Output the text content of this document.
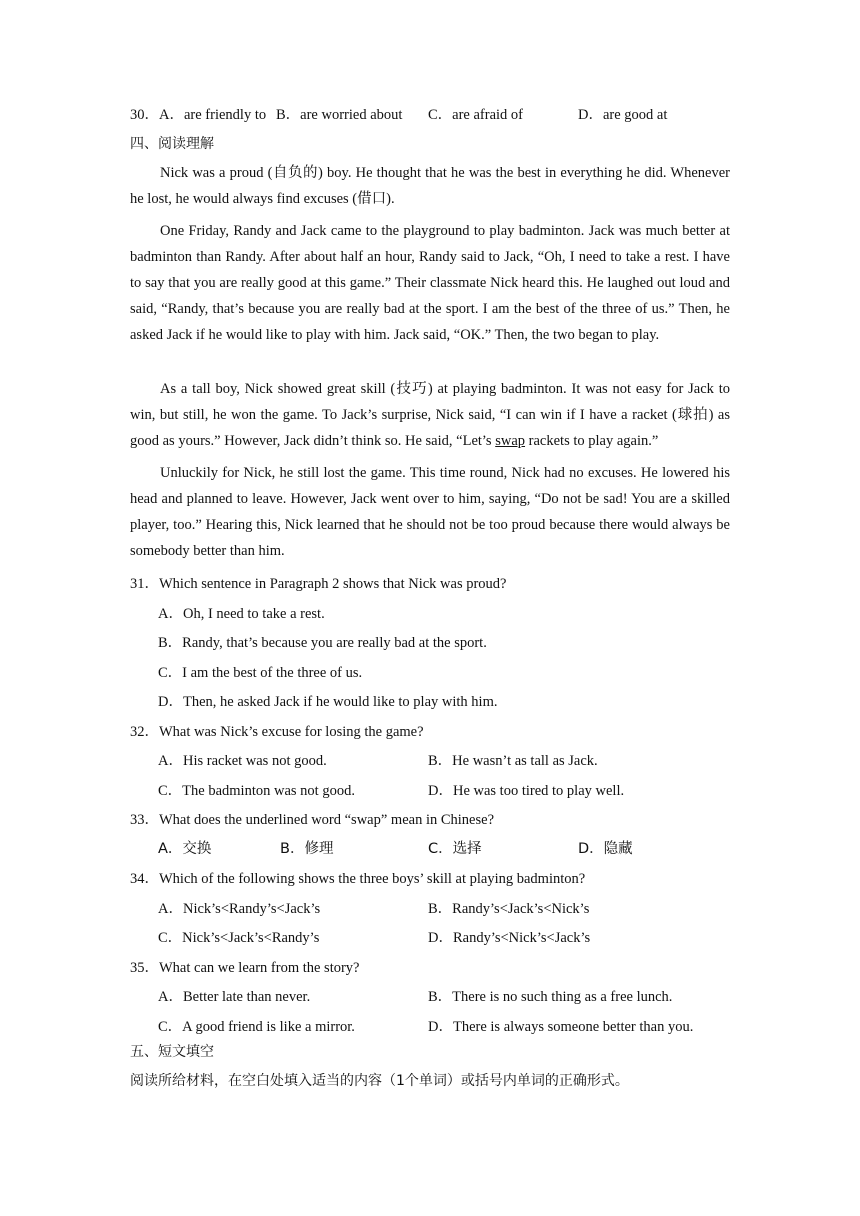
30．A．are friendly to B．are worried about C．are afraid of	D．are good at
四、阅读理解
Nick was a proud (自负的) boy. He thought that he was the best in everything he did. Whenever he lost, he would always find excuses (借口).
One Friday, Randy and Jack came to the playground to play badminton. Jack was much better at badminton than Randy. After about half an hour, Randy said to Jack, “Oh, I need to take a rest. I have to say that you are really good at this game.” Their classmate Nick heard this. He laughed out loud and said, “Randy, that’s because you are really bad at the sport. I am the best of the three of us.” Then, he asked Jack if he would like to play with him. Jack said, “OK.” Then, the two began to play.
As a tall boy, Nick showed great skill (技巧) at playing badminton. It was not easy for Jack to win, but still, he won the game. To Jack’s surprise, Nick said, “I can win if I have a racket (球拍) as good as yours.” However, Jack didn’t think so. He said, “Let’s swap rackets to play again.”
Unluckily for Nick, he still lost the game. This time round, Nick had no excuses. He lowered his head and planned to leave. However, Jack went over to him, saying, “Do not be sad! You are a skilled player, too.” Hearing this, Nick learned that he should not be too proud because there would always be somebody better than him.
31．Which sentence in Paragraph 2 shows that Nick was proud?
A．Oh, I need to take a rest.
B．Randy, that’s because you are really bad at the sport.
C．I am the best of the three of us.
D．Then, he asked Jack if he would like to play with him.
32．What was Nick’s excuse for losing the game?
A．His racket was not good.	B．He wasn’t as tall as Jack.
C．The badminton was not good.	D．He was too tired to play well.
33．What does the underlined word “swap” mean in Chinese?
A．交换	B．修理	C．选择	D．隐藏
34．Which of the following shows the three boys’ skill at playing badminton?
A．Nick’s<Randy’s<Jack’s	B．Randy’s<Jack’s<Nick’s
C．Nick’s<Jack’s<Randy’s	D．Randy’s<Nick’s<Jack’s
35．What can we learn from the story?
A．Better late than never.	B．There is no such thing as a free lunch.
C．A good friend is like a mirror.	D．There is always someone better than you.
五、短文填空
阅读所给材料，在空白处填入适当的内容（1个单词）或括号内单词的正确形式。
